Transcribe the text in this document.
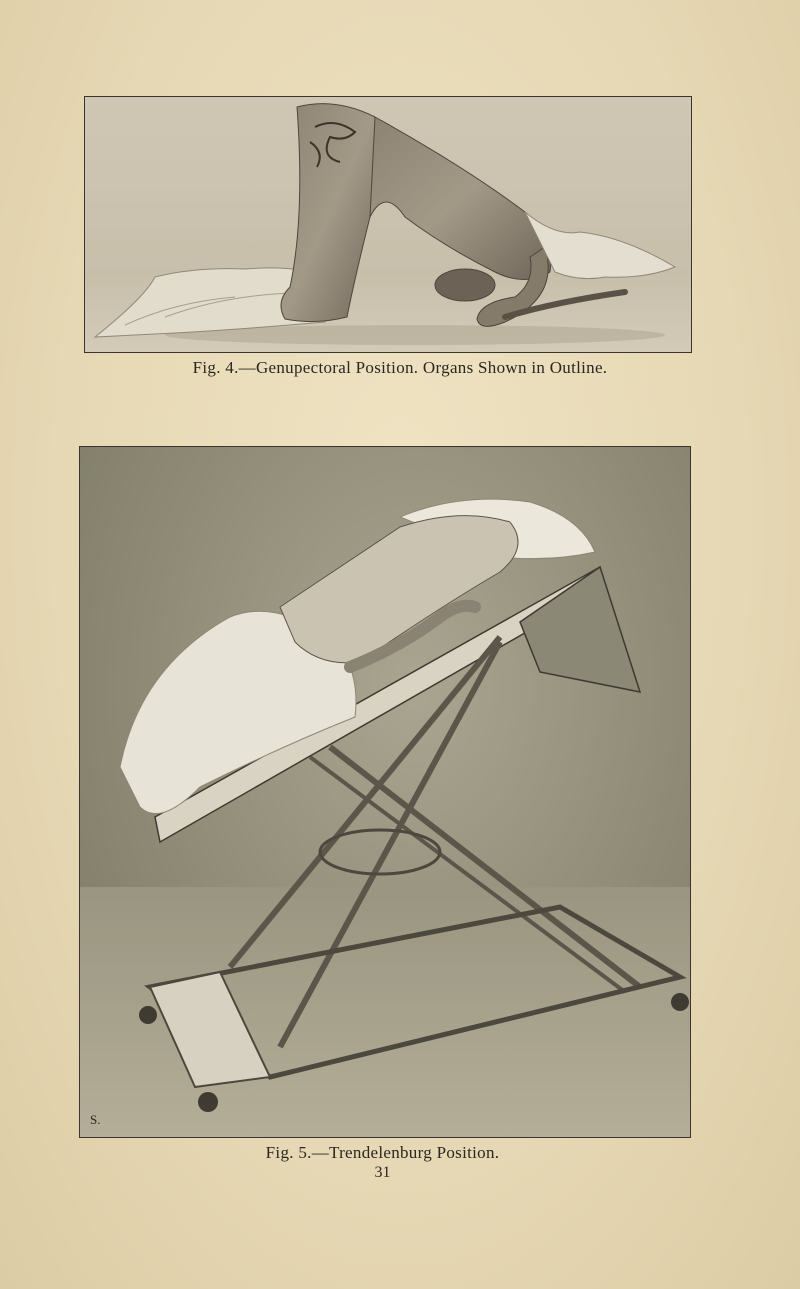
Fig. 4.—Genupectoral Position. Organs Shown in Outline.
S.
Fig. 5.—Trendelenburg Position.
31
